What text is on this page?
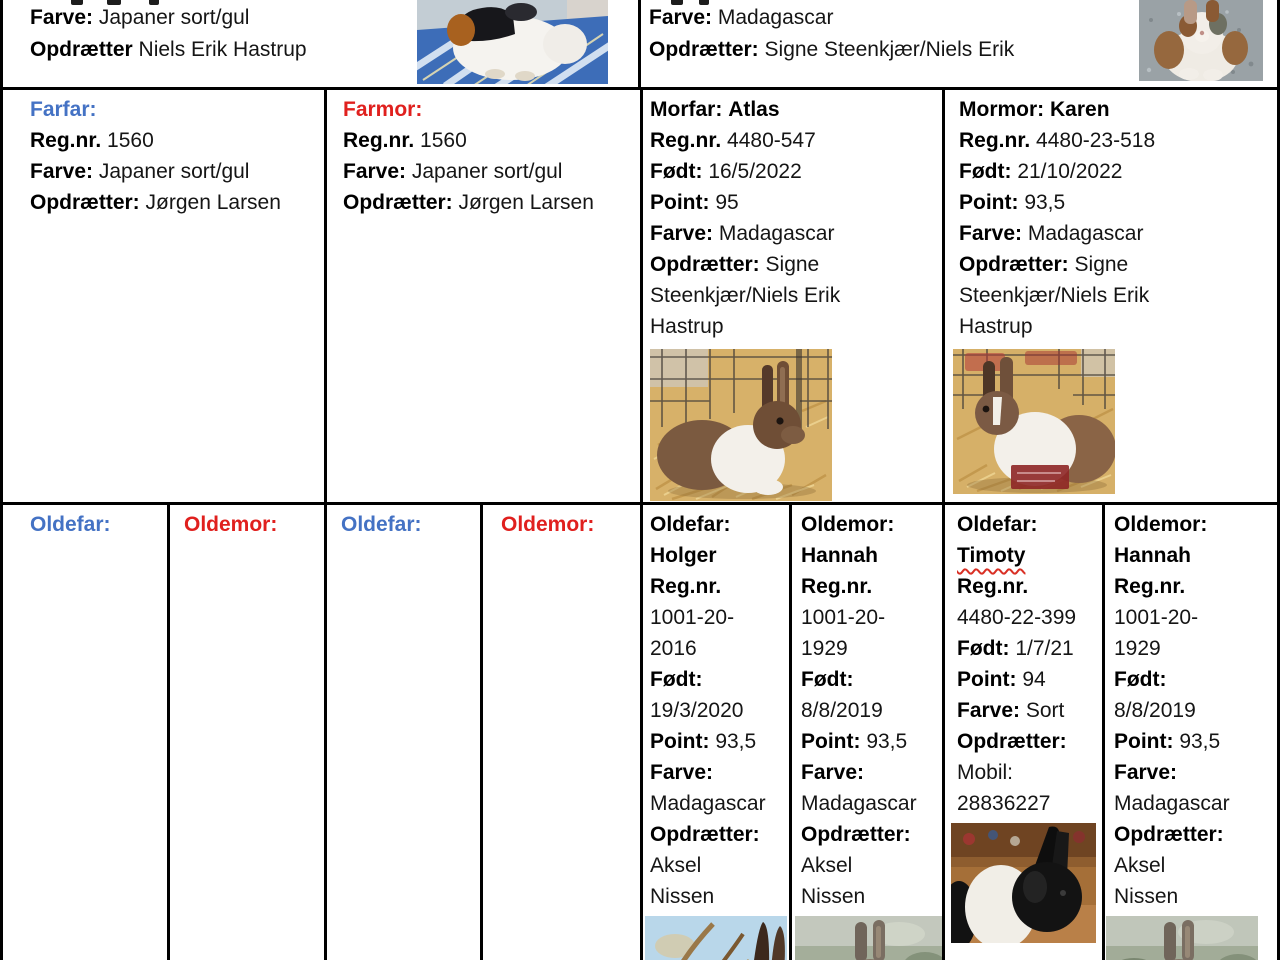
Farve: Japaner sort/gul

Opdrætter Niels Erik Hastrup

Farve: Madagascar

Opdrætter: Signe Steenkjær/Niels Erik

Farfar:

Reg.nr. 1560

Farve: Japaner sort/gul

Opdrætter: Jørgen Larsen

Farmor:

Reg.nr. 1560

Farve: Japaner sort/gul

Opdrætter: Jørgen Larsen

Morfar: Atlas

Reg.nr. 4480-547

Født: 16/5/2022

Point: 95

Farve: Madagascar

Opdrætter: Signe Steenkjær/Niels Erik Hastrup

Mormor: Karen

Reg.nr. 4480-23-518

Født: 21/10/2022

Point: 93,5

Farve: Madagascar

Opdrætter: Signe Steenkjær/Niels Erik Hastrup

Oldefar:	Oldemor:	Oldefar:	Oldemor:	Oldefar: Holger

Reg.nr. 1001-20-2016

Født: 19/3/2020

Point: 93,5

Farve: Madagascar

Opdrætter: Aksel Nissen

Oldemor: Hannah

Reg.nr. 1001-20-1929

Født: 8/8/2019

Point: 93,5

Farve: Madagascar

Opdrætter: Aksel Nissen

Oldefar: Timoty

Reg.nr. 4480-22-399

Født: 1/7/21

Point: 94

Farve: Sort

Opdrætter: Mobil: 28836227

Oldemor: Hannah

Reg.nr. 1001-20-1929

Født: 8/8/2019

Point: 93,5

Farve: Madagascar

Opdrætter: Aksel Nissen
